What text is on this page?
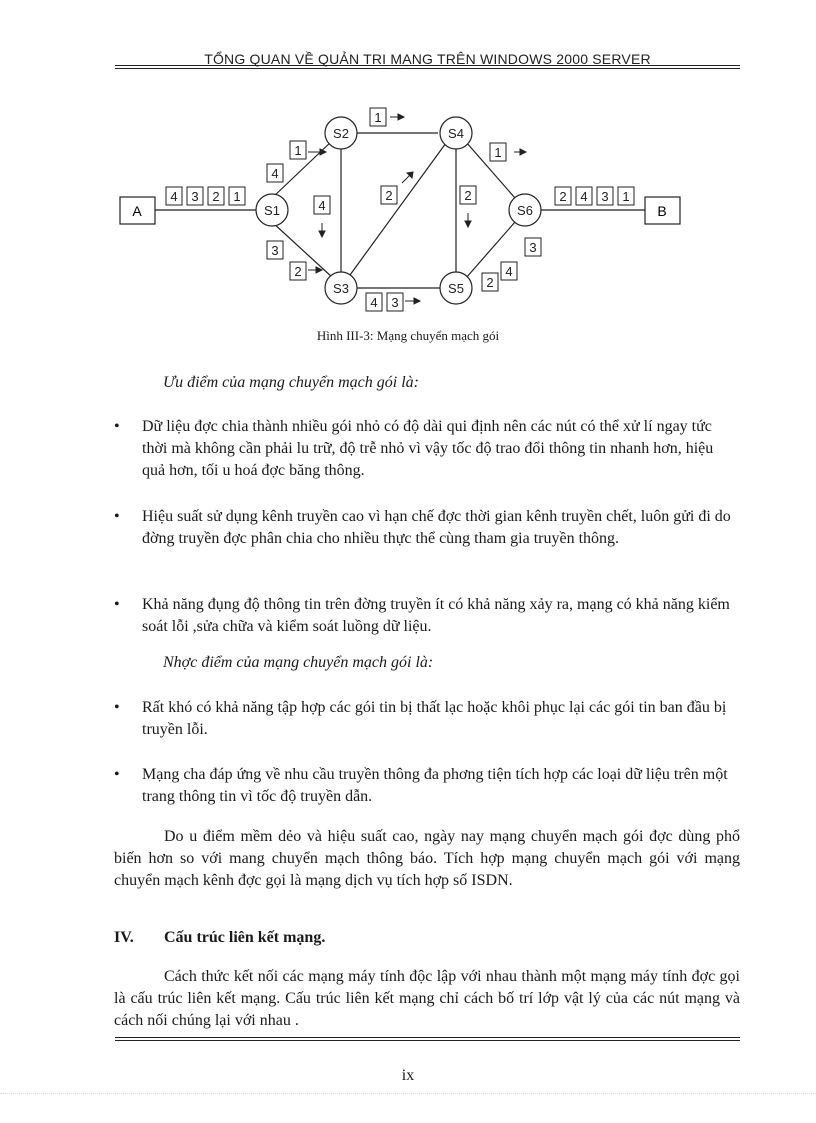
TỔNG QUAN VỀ QUẢN TRỊ MẠNG TRÊN WINDOWS 2000 SERVER
A	B
S1
S2
S3
S4
S5
S6
4 3 2 1	2 4 3 1
1
4
1
1
4
2	2
3
2
4 3
3
4
2
Hình III-3: Mạng chuyển mạch gói
Ưu điểm của mạng chuyển mạch gói là:
• Dữ liệu đợc chia thành nhiều gói nhỏ có độ dài qui định nên các nút có thể xử lí ngay tức thời mà không cần phải lu trữ, độ trễ nhỏ vì vậy tốc độ trao đổi thông tin nhanh hơn, hiệu quả hơn, tối u hoá đợc băng thông.
• Hiệu suất sử dụng kênh truyền cao vì hạn chế đợc thời gian kênh truyền chết, luôn gửi đi do đờng truyền đợc phân chia cho nhiều thực thể cùng tham gia truyền thông.
• Khả năng đụng độ thông tin trên đờng truyền ít có khả năng xảy ra, mạng có khả năng kiểm soát lỗi ,sửa chữa và kiểm soát luồng dữ liệu.
Nhợc điểm của mạng chuyển mạch gói là:
• Rất khó có khả năng tập hợp các gói tin bị thất lạc hoặc khôi phục lại các gói tin ban đầu bị truyền lỗi.
• Mạng cha đáp ứng về nhu cầu truyền thông đa phơng tiện tích hợp các loại dữ liệu trên một trang thông tin vì tốc độ truyền dẫn.
Do u điểm mềm dẻo và hiệu suất cao, ngày nay mạng chuyển mạch gói đợc dùng phổ biến hơn so với mang chuyển mạch thông báo. Tích hợp mạng chuyển mạch gói với mạng chuyển mạch kênh đợc gọi là mạng dịch vụ tích hợp số ISDN.
IV. Cấu trúc liên kết mạng.
Cách thức kết nối các mạng máy tính độc lập với nhau thành một mạng máy tính đợc gọi là cấu trúc liên kết mạng. Cấu trúc liên kết mạng chỉ cách bố trí lớp vật lý của các nút mạng và cách nối chúng lại với nhau .
ix
